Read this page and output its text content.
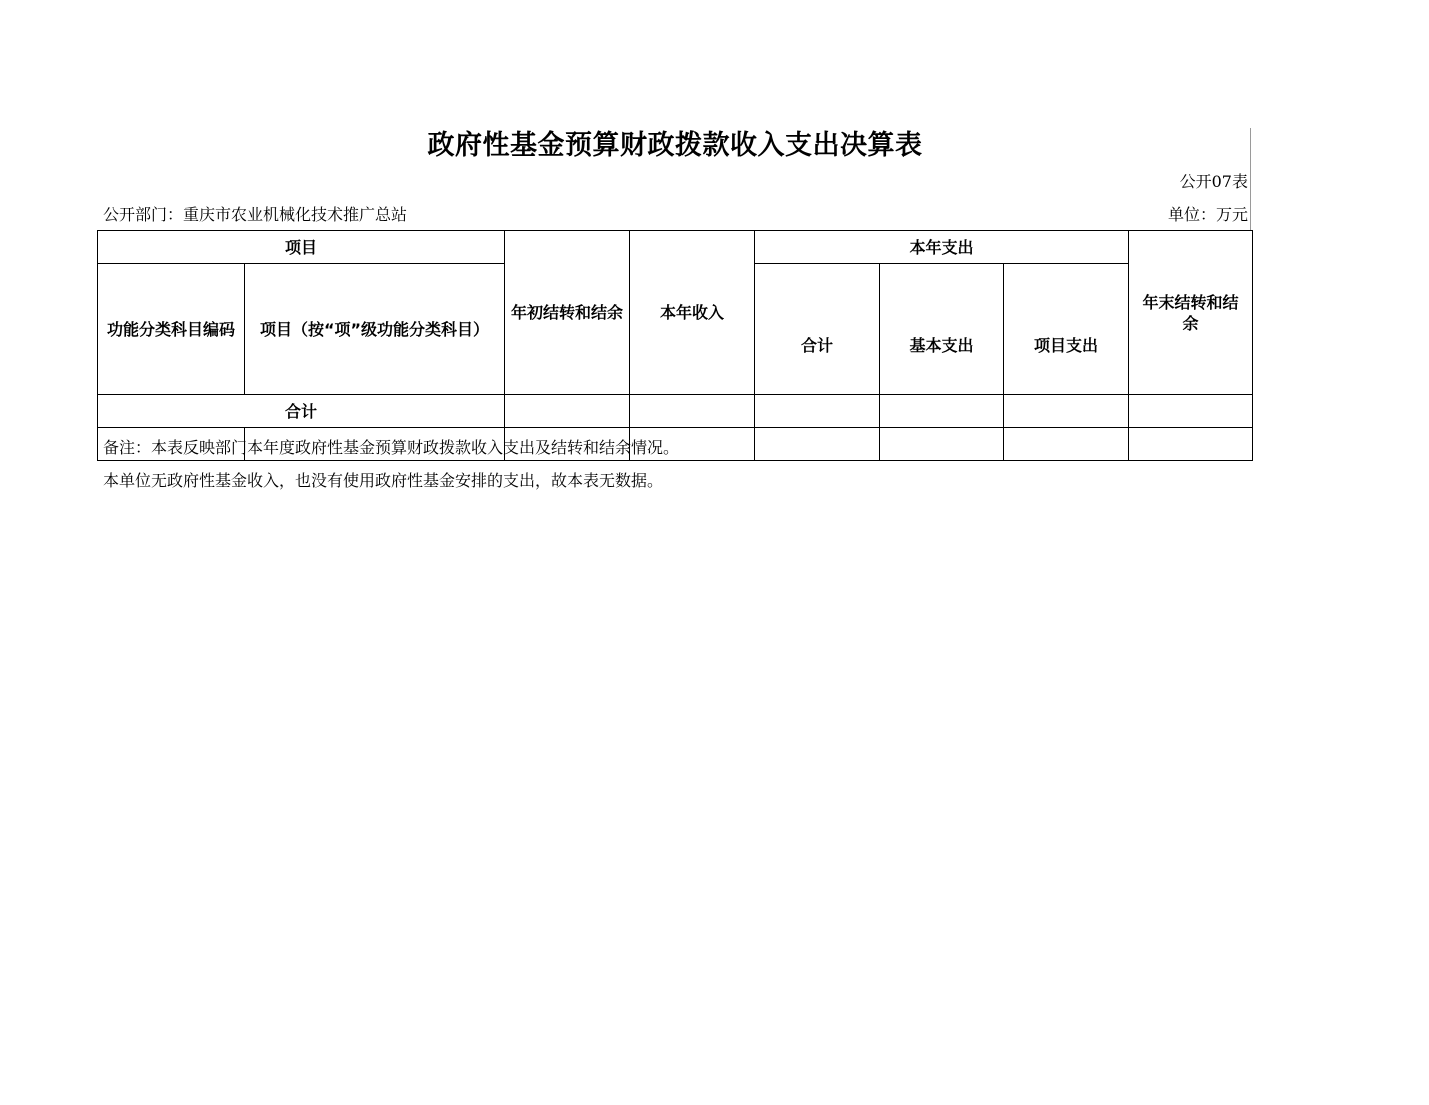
政府性基金预算财政拨款收入支出决算表
公开07表
公开部门：重庆市农业机械化技术推广总站	单位：万元
项目		年初结转和结余	本年收入	本年支出			年末结转和结余
功能分类科目编码	项目（按“项”级功能分类科目）			合计	基本支出	项目支出	
合计							

备注：本表反映部门本年度政府性基金预算财政拨款收入支出及结转和结余情况。
本单位无政府性基金收入，也没有使用政府性基金安排的支出，故本表无数据。
